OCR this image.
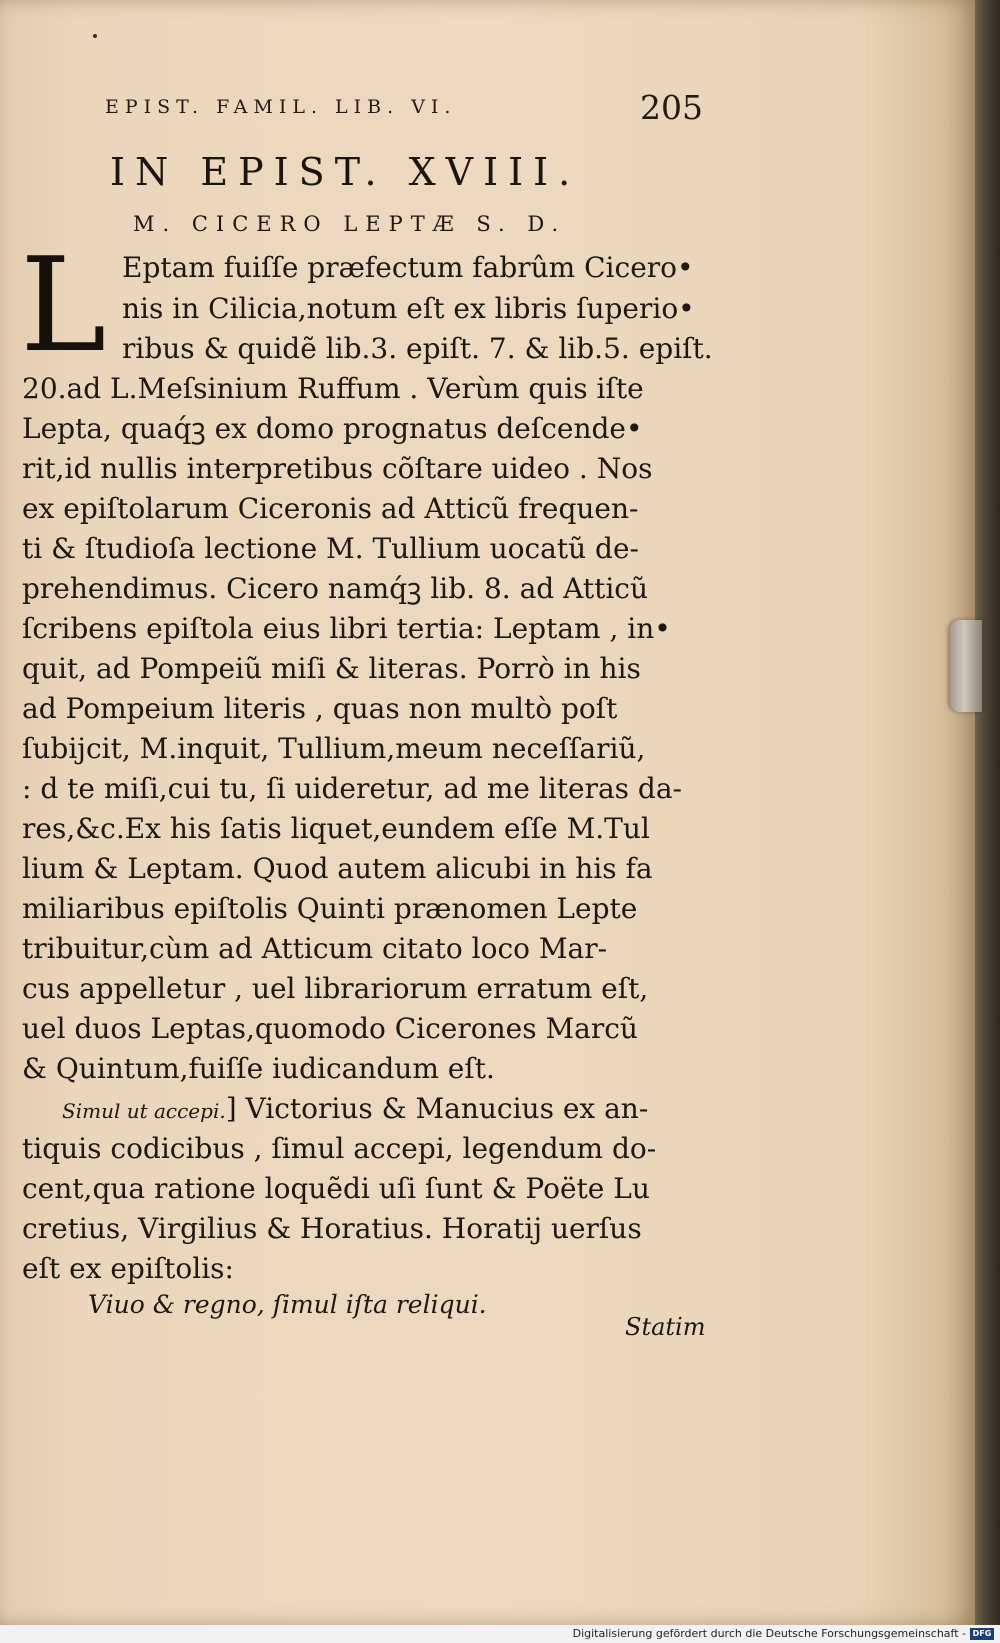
EPIST. FAMIL. LIB. VI.	205
IN EPIST. XVIII.
M. CICERO LEPTÆ S. D.
L Eptam fuiſſe præfectum fabrûm Cicero•
nis in Cilicia,notum eſt ex libris ſuperio•
ribus & quidẽ lib.3. epiſt. 7. & lib.5. epiſt.
20.ad L.Meſsinium Ruffum . Verùm quis iſte
Lepta, quaq́ꝫ ex domo prognatus deſcende•
rit,id nullis interpretibus cõſtare uideo . Nos
ex epiſtolarum Ciceronis ad Atticũ frequen-
ti & ſtudioſa lectione M. Tullium uocatũ de-
prehendimus. Cicero namq́ꝫ lib. 8. ad Atticũ
ſcribens epiſtola eius libri tertia: Leptam , in•
quit, ad Pompeiũ miſi & literas. Porrò in his
ad Pompeium literis , quas non multò poſt
ſubijcit, M.inquit, Tullium,meum neceſſariũ,
: d te miſi,cui tu, ſi uideretur, ad me literas da-
res,&c.Ex his ſatis liquet,eundem eſſe M.Tul
lium & Leptam. Quod autem alicubi in his fa
miliaribus epiſtolis Quinti prænomen Lepte
tribuitur,cùm ad Atticum citato loco Mar-
cus appelletur , uel librariorum erratum eſt,
uel duos Leptas,quomodo Cicerones Marcũ
& Quintum,fuiſſe iudicandum eſt.
Simul ut accepi.] Victorius & Manucius ex an-
tiquis codicibus , ſimul accepi, legendum do-
cent,qua ratione loquẽdi uſi ſunt & Poëte Lu
cretius, Virgilius & Horatius. Horatij uerſus
eſt ex epiſtolis:
Viuo & regno, ſimul iſta reliqui.
Statim
Digitalisierung gefördert durch die Deutsche Forschungsgemeinschaft - DFG
